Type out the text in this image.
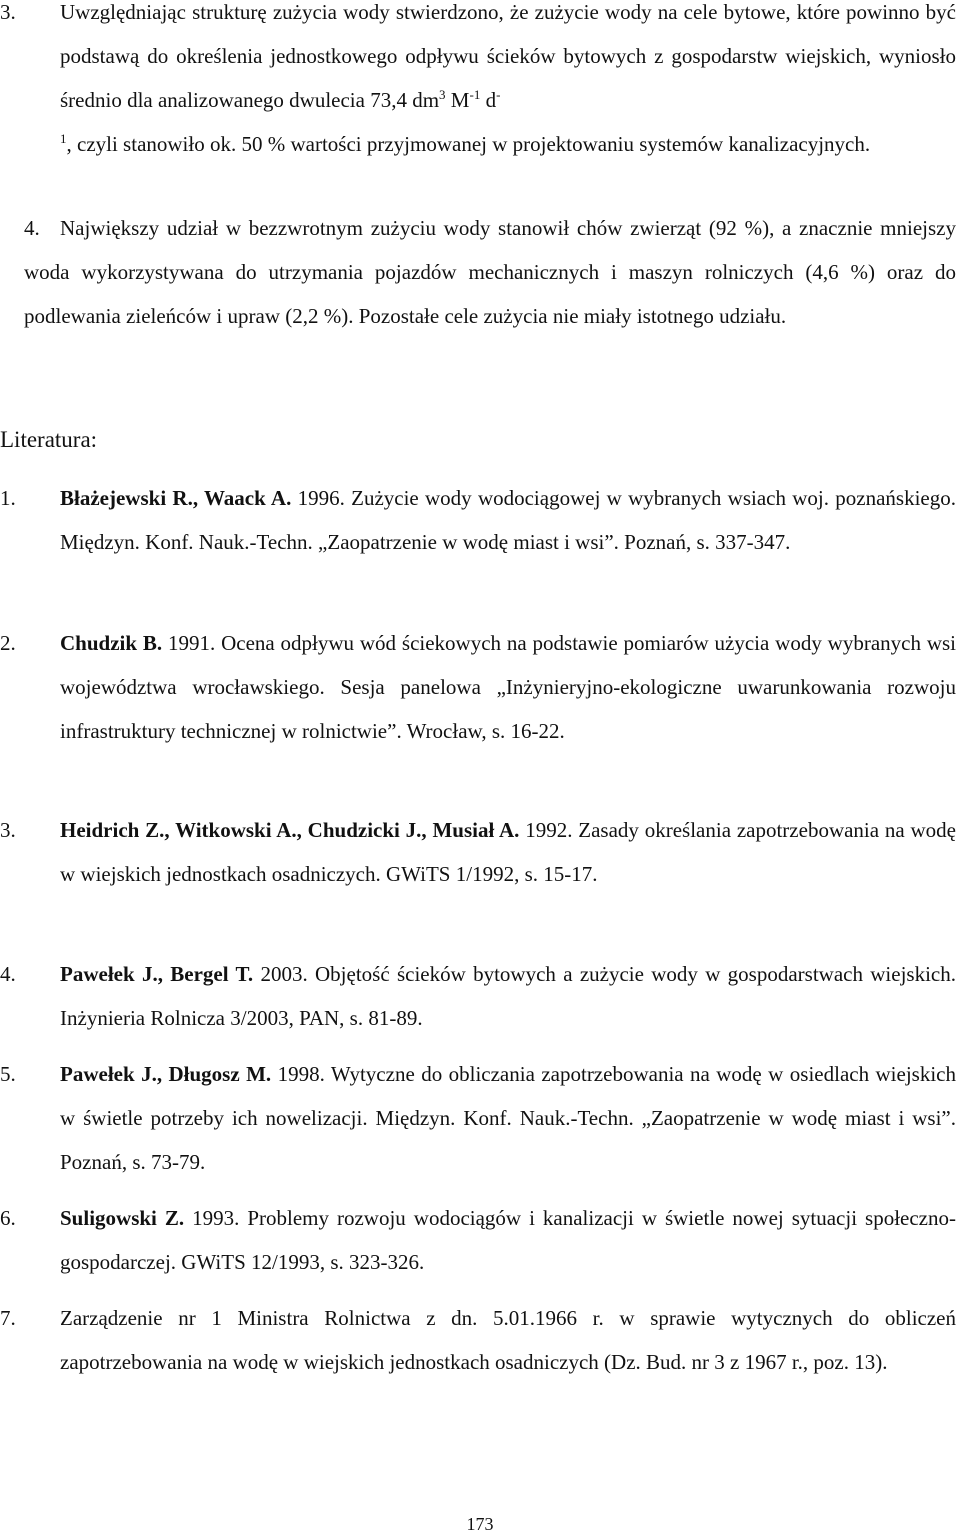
3. Uwzględniając strukturę zużycia wody stwierdzono, że zużycie wody na cele bytowe, które powinno być podstawą do określenia jednostkowego odpływu ścieków bytowych z gospodarstw wiejskich, wyniosło średnio dla analizowanego dwulecia 73,4 $dm^3$ $M^{-1}$ d-
$^1$, czyli stanowiło ok. 50 % wartości przyjmowanej w projektowaniu systemów kanalizacyjnych.

4. Największy udział w bezzwrotnym zużyciu wody stanowił chów zwierząt (92 %), a znacznie mniejszy woda wykorzystywana do utrzymania pojazdów mechanicznych i maszyn rolniczych (4,6 %) oraz do podlewania zieleńców i upraw (2,2 %). Pozostałe cele zużycia nie miały istotnego udziału.

Literatura:

1.	Błażejewski R., Waack A. 1996. Zużycie wody wodociągowej w wybranych wsiach woj. poznańskiego. Międzyn. Konf. Nauk.-Techn. „Zaopatrzenie w wodę miast i wsi”. Poznań, s. 337-347.

2.	Chudzik B. 1991. Ocena odpływu wód ściekowych na podstawie pomiarów użycia wody wybranych wsi województwa wrocławskiego. Sesja panelowa „Inżynieryjno-ekologiczne uwarunkowania rozwoju infrastruktury technicznej w rolnictwie”. Wrocław, s. 16-22.

3.	Heidrich Z., Witkowski A., Chudzicki J., Musiał A. 1992. Zasady określania zapotrzebowania na wodę w wiejskich jednostkach osadniczych. GWiTS 1/1992, s. 15-17.

4.	Pawełek J., Bergel T. 2003. Objętość ścieków bytowych a zużycie wody w gospodarstwach wiejskich. Inżynieria Rolnicza 3/2003, PAN, s. 81-89.

5.	Pawełek J., Długosz M. 1998. Wytyczne do obliczania zapotrzebowania na wodę w osiedlach wiejskich w świetle potrzeby ich nowelizacji. Międzyn. Konf. Nauk.-Techn. „Zaopatrzenie w wodę miast i wsi”. Poznań, s. 73-79.

6.	Suligowski Z. 1993. Problemy rozwoju wodociągów i kanalizacji w świetle nowej sytuacji społeczno-gospodarczej. GWiTS 12/1993, s. 323-326.

7.	Zarządzenie nr 1 Ministra Rolnictwa z dn. 5.01.1966 r. w sprawie wytycznych do obliczeń zapotrzebowania na wodę w wiejskich jednostkach osadniczych (Dz. Bud. nr 3 z 1967 r., poz. 13).

173
